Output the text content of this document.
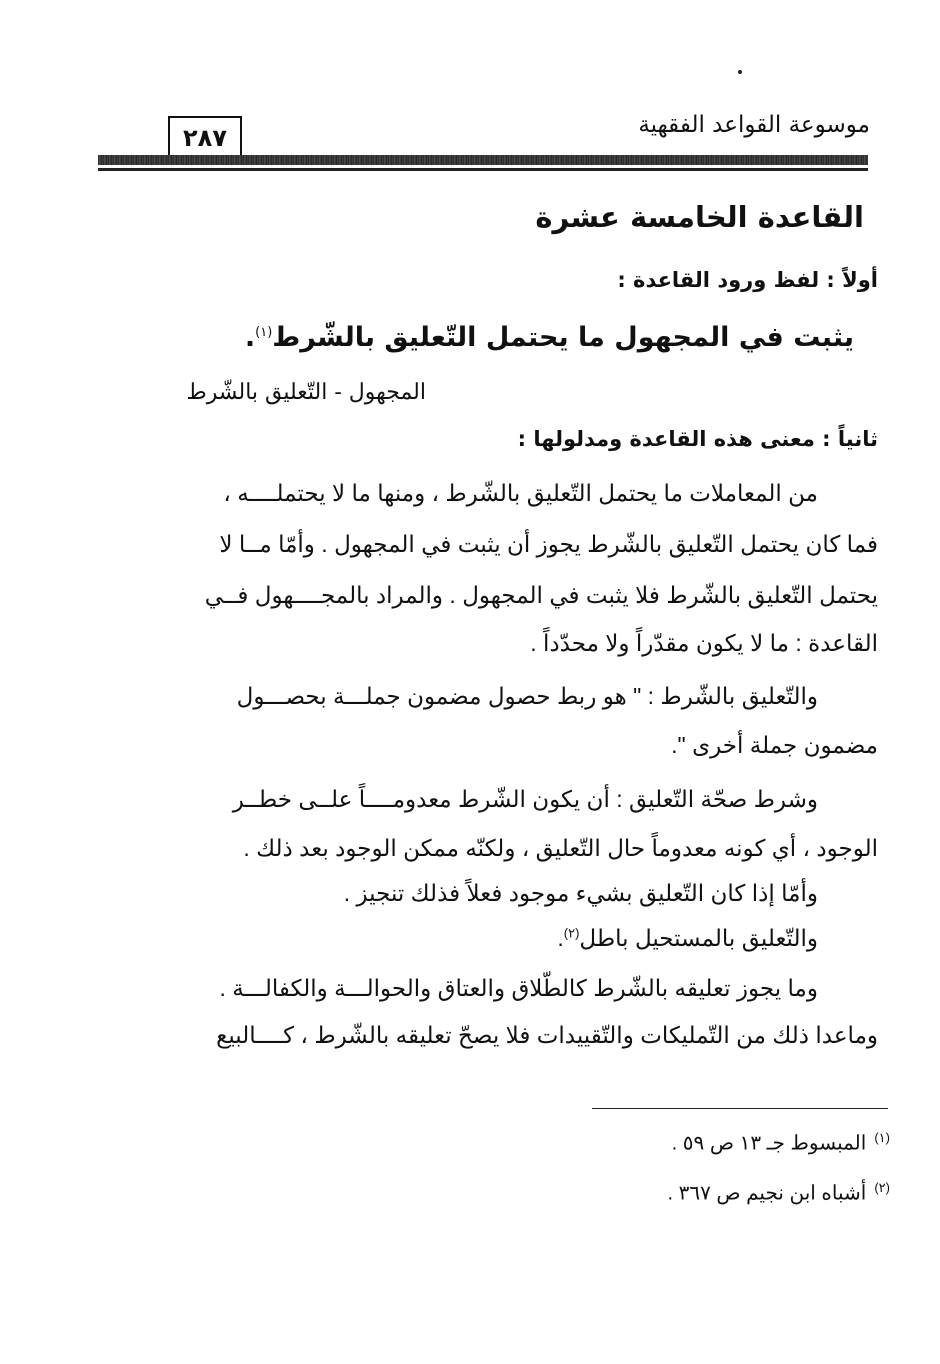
موسوعة القواعد الفقهية
٢٨٧
القاعدة الخامسة عشرة
أولاً : لفظ ورود القاعدة :
يثبت في المجهول ما يحتمل التّعليق بالشّرط$^{(١)}$.
المجهول - التّعليق بالشّرط
ثانياً : معنى هذه القاعدة ومدلولها :
من المعاملات ما يحتمل التّعليق بالشّرط ، ومنها ما لا يحتملــــه ،
فما كان يحتمل التّعليق بالشّرط يجوز أن يثبت في المجهول . وأمّا مــا لا
يحتمل التّعليق بالشّرط فلا يثبت في المجهول . والمراد بالمجــــهول فــي
القاعدة : ما لا يكون مقدّراً ولا محدّداً .
والتّعليق بالشّرط : " هو ربط حصول مضمون جملـــة بحصـــول
مضمون جملة أخرى ".
وشرط صحّة التّعليق : أن يكون الشّرط معدومــــاً علــى خطــر
الوجود ، أي كونه معدوماً حال التّعليق ، ولكنّه ممكن الوجود بعد ذلك .
وأمّا إذا كان التّعليق بشيء موجود فعلاً فذلك تنجيز .
والتّعليق بالمستحيل باطل$^{(٢)}$.
وما يجوز تعليقه بالشّرط كالطّلاق والعتاق والحوالـــة والكفالـــة .
وماعدا ذلك من التّمليكات والتّقييدات فلا يصحّ تعليقه بالشّرط ، كــــالبيع
$^{(١)}$المبسوط جـ ١٣ ص ٥٩ .
$^{(٢)}$أشباه ابن نجيم ص ٣٦٧ .
